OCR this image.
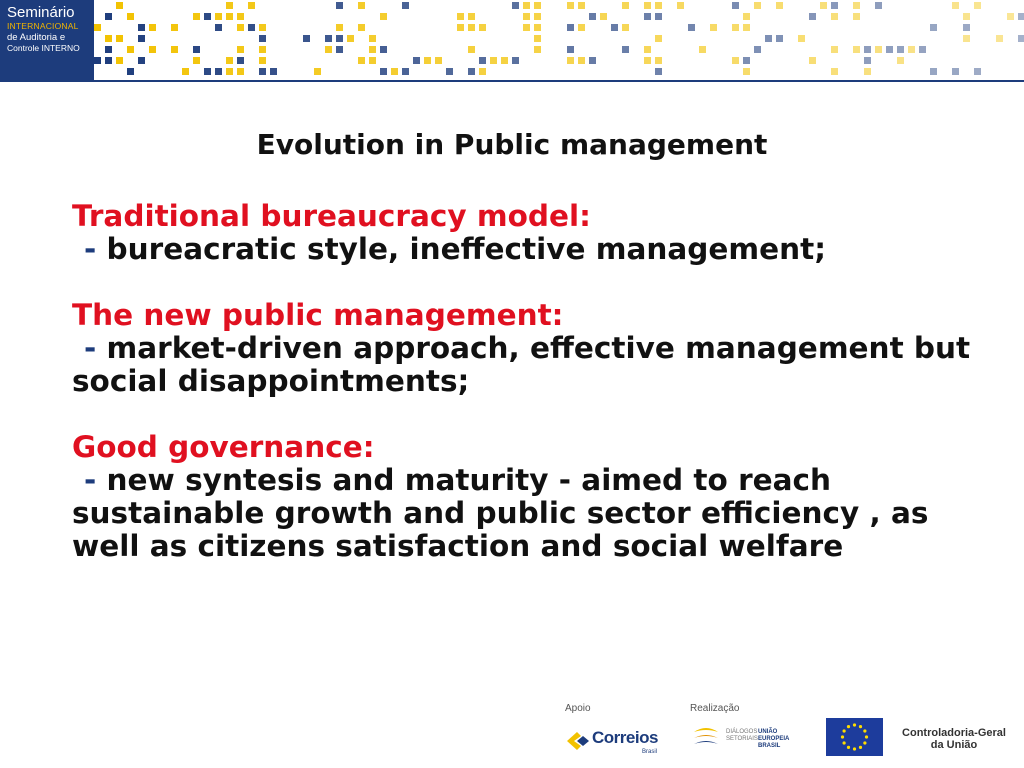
Seminário
INTERNACIONAL
de Auditoria e
Controle INTERNO
Evolution in Public management

Traditional bureaucracy model:

- bureacratic style, ineffective management;

The new public management:

- market-driven approach, effective management but social disappointments;

Good governance:

- new syntesis and maturity - aimed to reach sustainable growth and public sector efficiency , as well as citizens satisfaction and social welfare

Apoio	Realização
Correios
Brasil
DIÁLOGOS
SETORIAIS
UNIÃO EUROPEIA
BRASIL
Controladoria-Geral
da União
